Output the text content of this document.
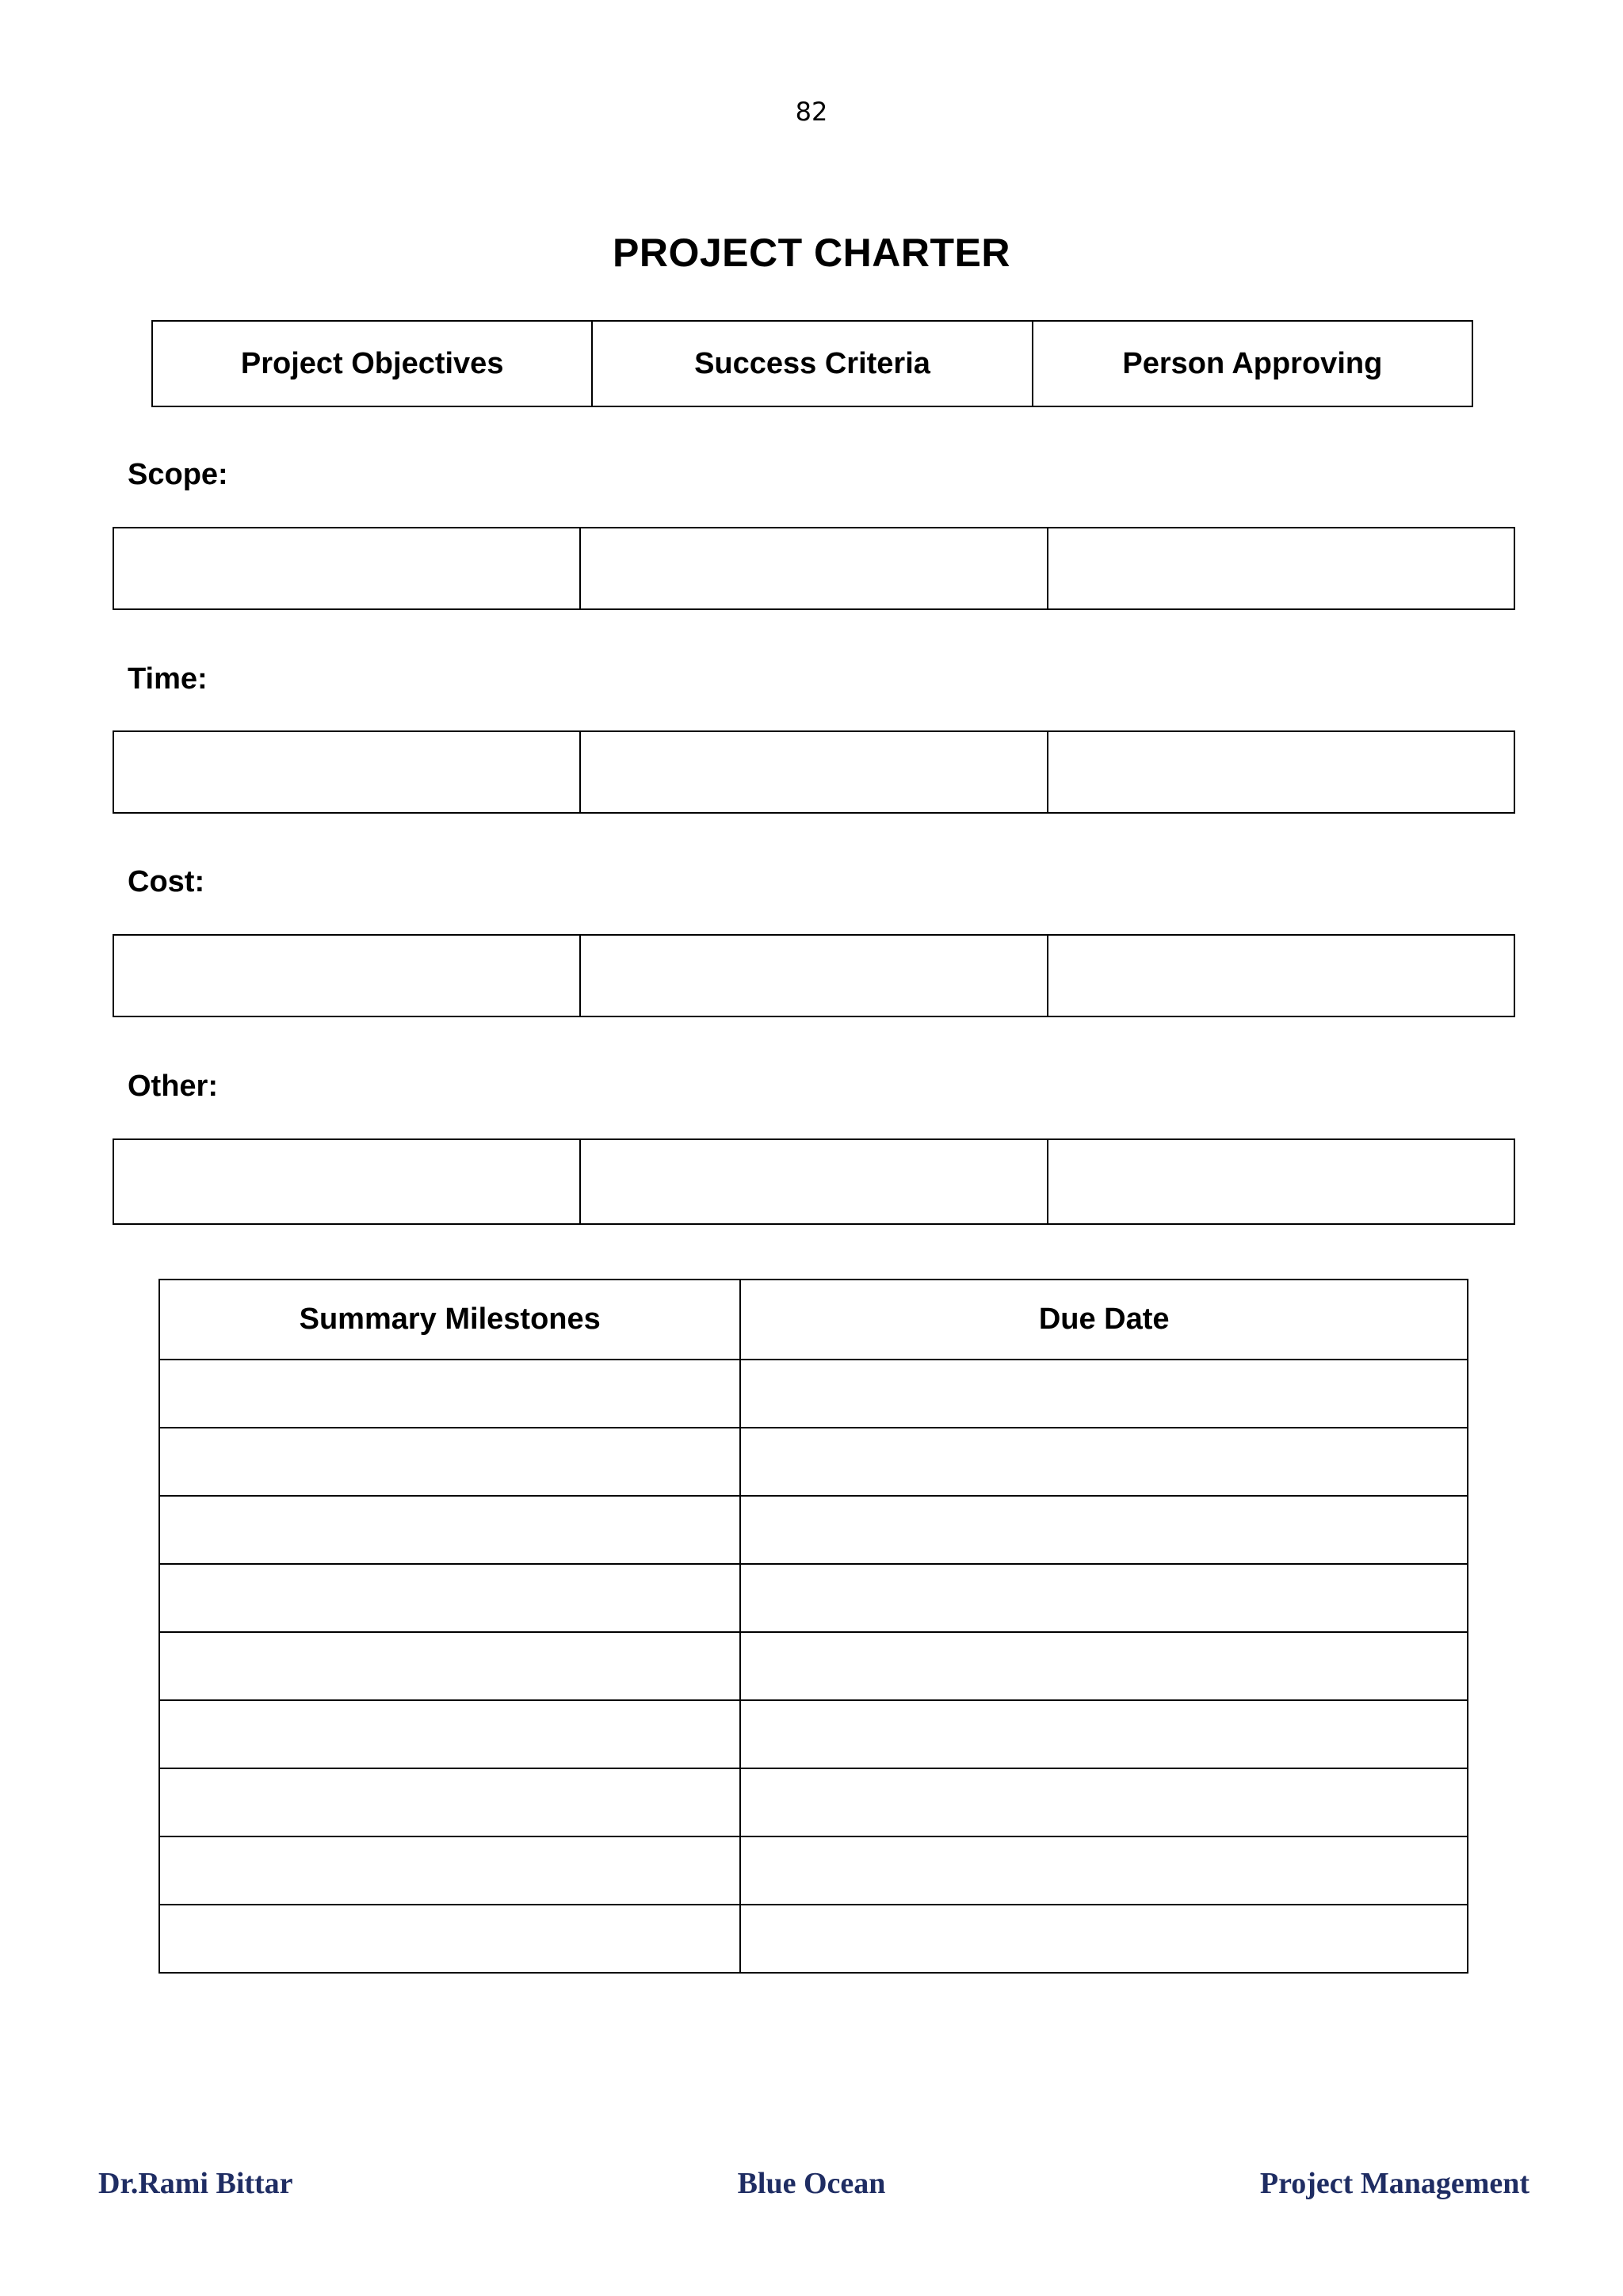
82
PROJECT CHARTER
Project Objectives	Success Criteria	Person Approving
Scope:

Time:

Cost:

Other:

Summary Milestones	Due Date

Dr.Rami Bittar	Blue Ocean	Project Management
